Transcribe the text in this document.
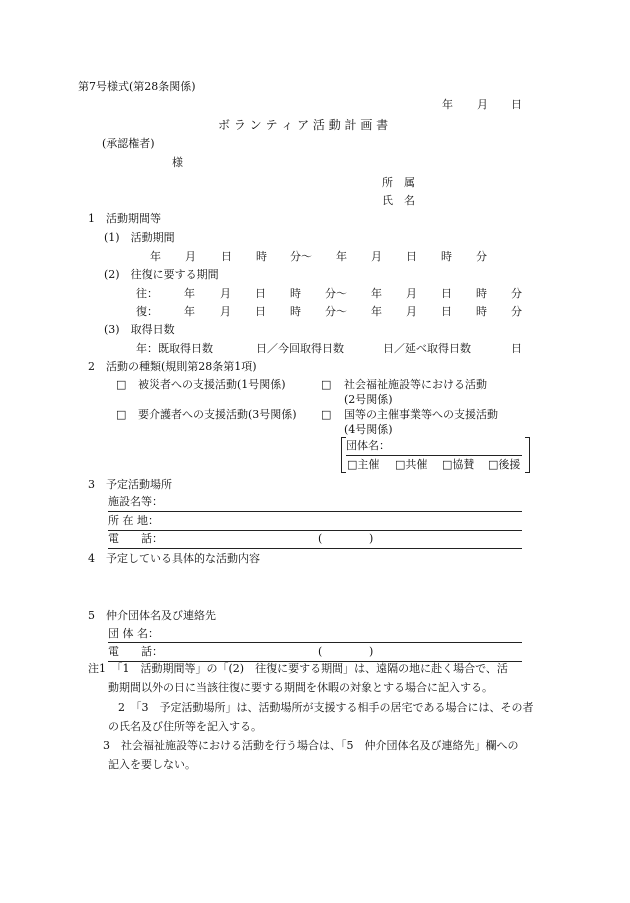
第7号様式(第28条関係)
年 月 日
ボ ラ ン テ ィ ア 活 動 計 画 書
(承認権者)
様
所　属
氏　名
1　活動期間等
(1)　活動期間
年 月 日 時 分～ 年 月 日 時 分
(2)　往復に要する期間
往： 年 月 日 時 分～ 年 月 日 時 分
復： 年 月 日 時 分～ 年 月 日 時 分
(3)　取得日数
年：既取得日数	日／今回取得日数	日／延べ取得日数	日
2　活動の種類(規則第28条第1項)
□ 被災者への支援活動(1号関係)	□ 社会福祉施設等における活動
(2号関係)
□ 要介護者への支援活動(3号関係) □ 国等の主催事業等への支援活動
(4号関係)
団体名：
□主催 □共催 □協賛 □後援
3　予定活動場所
施設名等：
所 在 地：
電　　話：	(	)
4　予定している具体的な活動内容
5　仲介団体名及び連絡先
団 体 名：
電　　話：	(	)
注1　「1　活動期間等」の「(2)　往復に要する期間」は、遠隔の地に赴く場合で、活
動期間以外の日に当該往復に要する期間を休暇の対象とする場合に記入する。
2　「3　予定活動場所」は、活動場所が支援する相手の居宅である場合には、その者
の氏名及び住所等を記入する。
3　社会福祉施設等における活動を行う場合は、「5　仲介団体名及び連絡先」欄への
記入を要しない。
